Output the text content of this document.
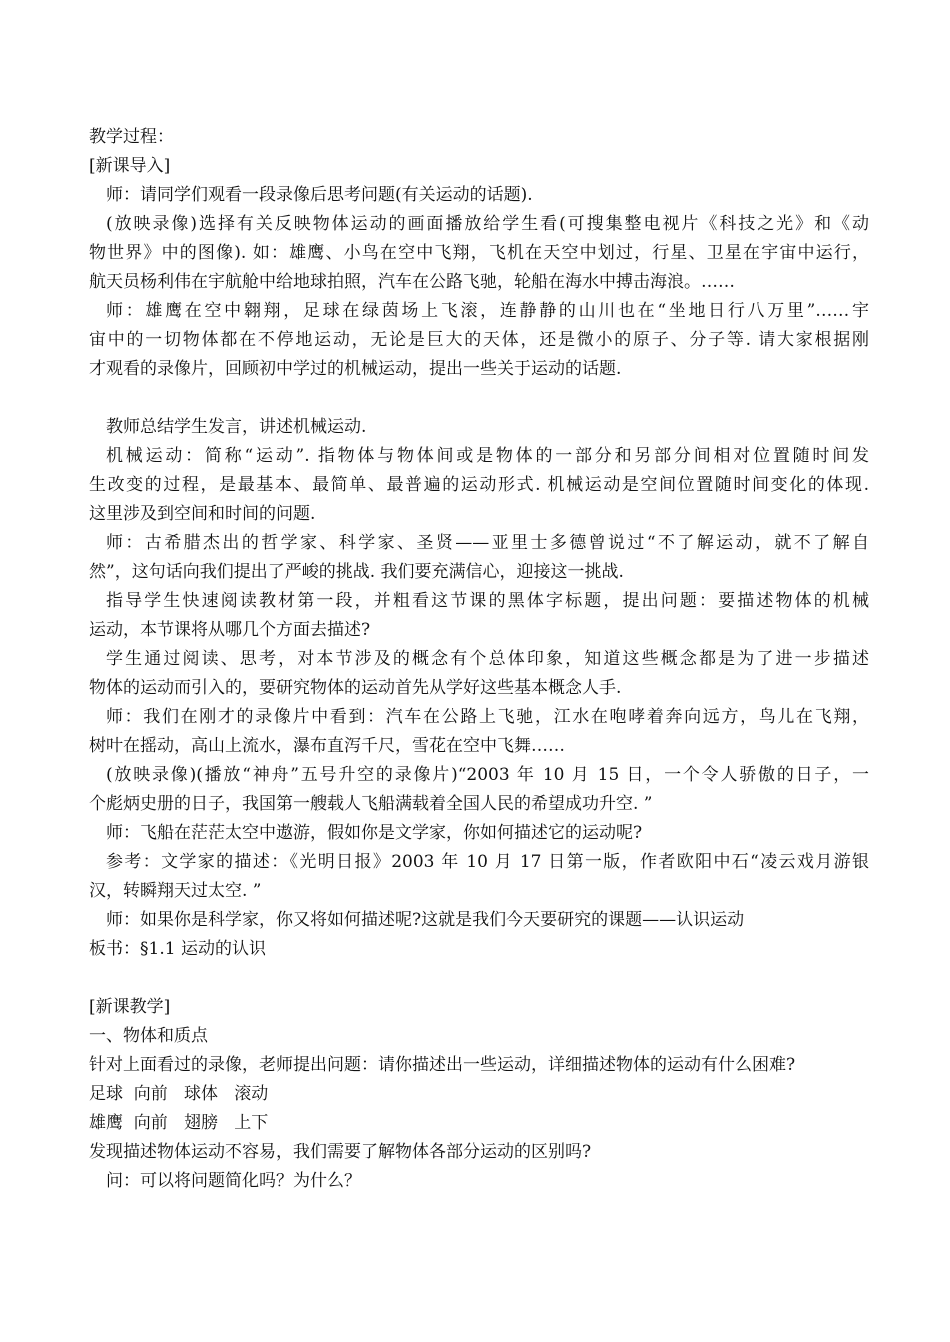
教学过程：
[新课导入]
师：请同学们观看一段录像后思考问题(有关运动的话题).
(放映录像)选择有关反映物体运动的画面播放给学生看(可搜集整电视片《科技之光》和《动
物世界》中的图像). 如：雄鹰、小鸟在空中飞翔，飞机在天空中划过，行星、卫星在宇宙中运行，
航天员杨利伟在宇航舱中给地球拍照，汽车在公路飞驰，轮船在海水中搏击海浪。……
师：雄鹰在空中翱翔，足球在绿茵场上飞滚，连静静的山川也在“坐地日行八万里”……宇
宙中的一切物体都在不停地运动，无论是巨大的天体，还是微小的原子、分子等. 请大家根据刚
才观看的录像片，回顾初中学过的机械运动，提出一些关于运动的话题.
教师总结学生发言，讲述机械运动.
机械运动：简称“运动”. 指物体与物体间或是物体的一部分和另部分间相对位置随时间发
生改变的过程，是最基本、最简单、最普遍的运动形式. 机械运动是空间位置随时间变化的体现.
这里涉及到空间和时间的问题.
师：古希腊杰出的哲学家、科学家、圣贤——亚里士多德曾说过“不了解运动，就不了解自
然”，这句话向我们提出了严峻的挑战. 我们要充满信心，迎接这一挑战.
指导学生快速阅读教材第一段，并粗看这节课的黑体字标题，提出问题：要描述物体的机械
运动，本节课将从哪几个方面去描述?
学生通过阅读、思考，对本节涉及的概念有个总体印象，知道这些概念都是为了进一步描述
物体的运动而引入的，要研究物体的运动首先从学好这些基本概念人手.
师：我们在刚才的录像片中看到：汽车在公路上飞驰，江水在咆哮着奔向远方，鸟儿在飞翔，
树叶在摇动，高山上流水，瀑布直泻千尺，雪花在空中飞舞……
(放映录像)(播放“神舟”五号升空的录像片)“2003 年 10 月 15 日，一个令人骄傲的日子，一
个彪炳史册的日子，我国第一艘载人飞船满载着全国人民的希望成功升空. ”
师：飞船在茫茫太空中遨游，假如你是文学家，你如何描述它的运动呢?
参考：文学家的描述：《光明日报》2003 年 10 月 17 日第一版，作者欧阳中石“凌云戏月游银
汉，转瞬翔天过太空. ”
师：如果你是科学家，你又将如何描述呢?这就是我们今天要研究的课题——认识运动
板书：§1.1 运动的认识
[新课教学]
一、物体和质点
针对上面看过的录像，老师提出问题：请你描述出一些运动，详细描述物体的运动有什么困难?
足球  向前   球体   滚动
雄鹰  向前   翅膀   上下
发现描述物体运动不容易，我们需要了解物体各部分运动的区别吗?
问：可以将问题简化吗？为什么？
